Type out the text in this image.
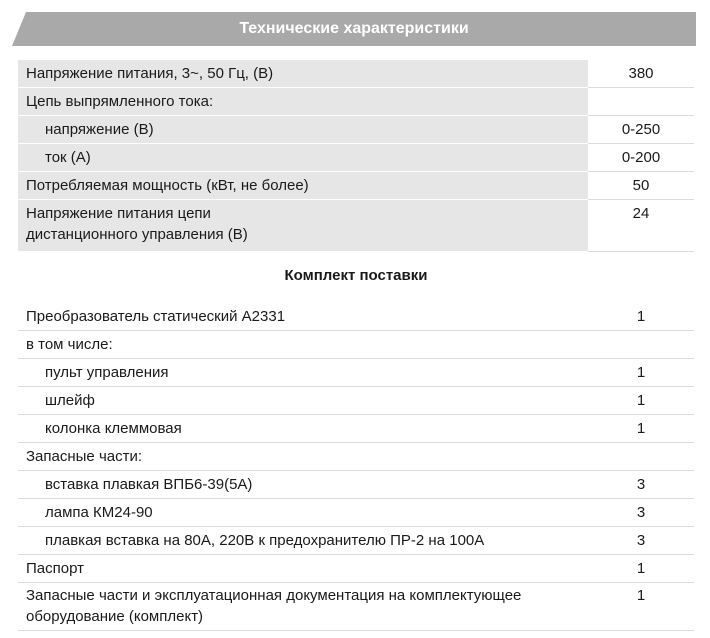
Технические характеристики
Напряжение питания, 3~, 50 Гц, (В)	380
Цепь выпрямленного тока:	
напряжение (В)	0-250
ток (А)	0-200
Потребляемая мощность (кВт, не более)	50
Напряжение питания цепи
дистанционного управления (В)	24
Комплект поставки
Преобразователь статический А2331	1
в том числе:	
пульт управления	1
шлейф	1
колонка клеммовая	1
Запасные части:	
вставка плавкая ВПБ6-39(5А)	3
лампа КМ24-90	3
плавкая вставка на 80А, 220В к предохранителю ПР-2 на 100А	3
Паспорт	1
Запасные части и эксплуатационная документация на комплектующее
оборудование (комплект)	1
